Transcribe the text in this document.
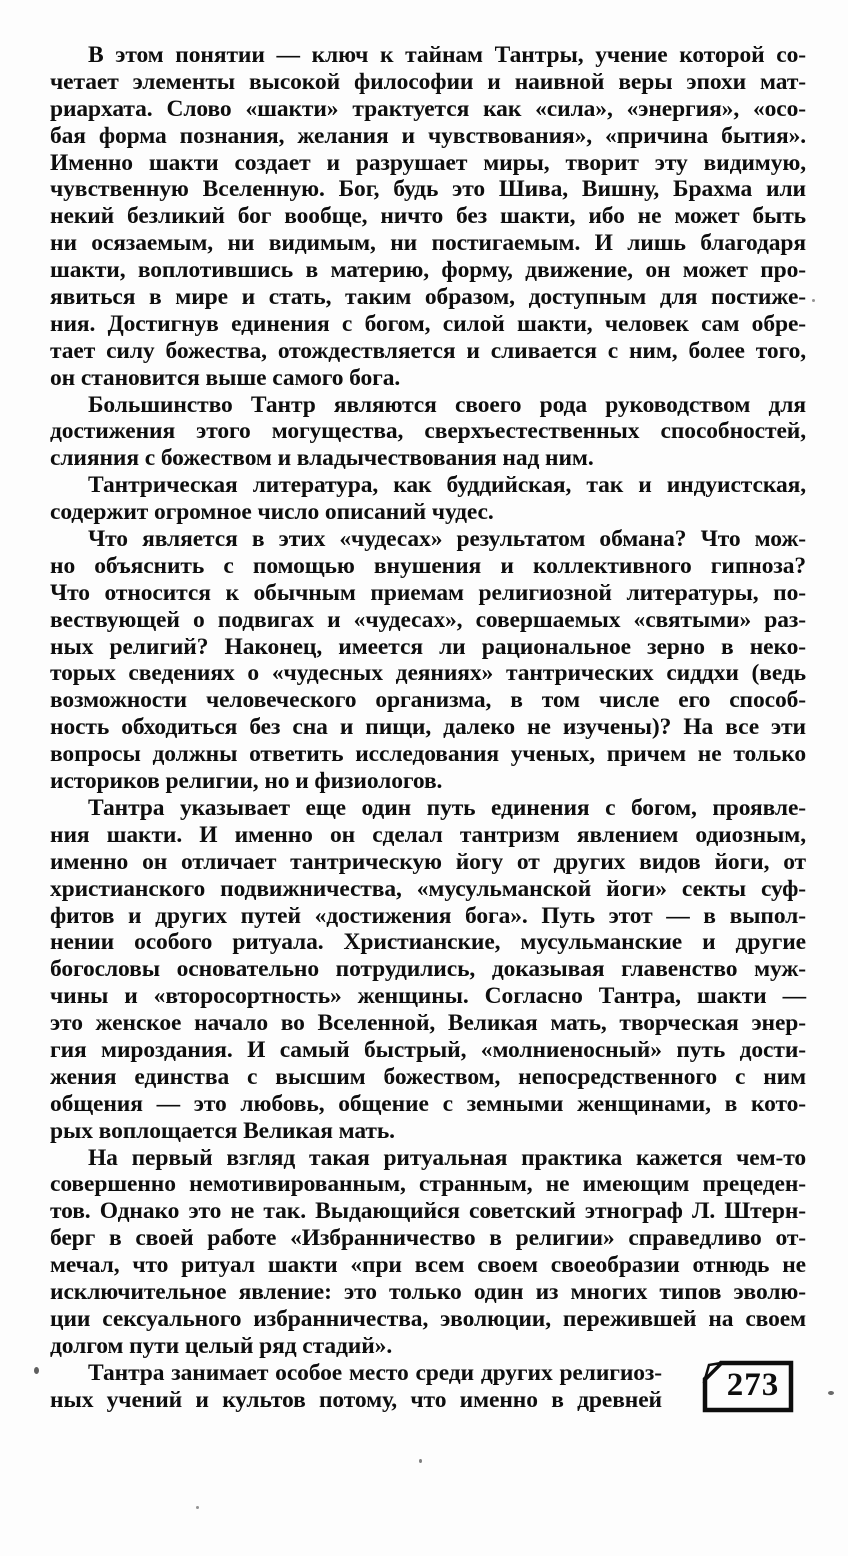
В этом понятии — ключ к тайнам Тантры, учение которой со-
четает элементы высокой философии и наивной веры эпохи мат-
риархата. Слово «шакти» трактуется как «сила», «энергия», «осо-
бая форма познания, желания и чувствования», «причина бытия».
Именно шакти создает и разрушает миры, творит эту видимую,
чувственную Вселенную. Бог, будь это Шива, Вишну, Брахма или
некий безликий бог вообще, ничто без шакти, ибо не может быть
ни осязаемым, ни видимым, ни постигаемым. И лишь благодаря
шакти, воплотившись в материю, форму, движение, он может про-
явиться в мире и стать, таким образом, доступным для постиже-
ния. Достигнув единения с богом, силой шакти, человек сам обре-
тает силу божества, отождествляется и сливается с ним, более того,
он становится выше самого бога.
Большинство Тантр являются своего рода руководством для
достижения этого могущества, сверхъестественных способностей,
слияния с божеством и владычествования над ним.
Тантрическая литература, как буддийская, так и индуистская,
содержит огромное число описаний чудес.
Что является в этих «чудесах» результатом обмана? Что мож-
но объяснить с помощью внушения и коллективного гипноза?
Что относится к обычным приемам религиозной литературы, по-
вествующей о подвигах и «чудесах», совершаемых «святыми» раз-
ных религий? Наконец, имеется ли рациональное зерно в неко-
торых сведениях о «чудесных деяниях» тантрических сиддхи (ведь
возможности человеческого организма, в том числе его способ-
ность обходиться без сна и пищи, далеко не изучены)? На все эти
вопросы должны ответить исследования ученых, причем не только
историков религии, но и физиологов.
Тантра указывает еще один путь единения с богом, проявле-
ния шакти. И именно он сделал тантризм явлением одиозным,
именно он отличает тантрическую йогу от других видов йоги, от
христианского подвижничества, «мусульманской йоги» секты суф-
фитов и других путей «достижения бога». Путь этот — в выпол-
нении особого ритуала. Христианские, мусульманские и другие
богословы основательно потрудились, доказывая главенство муж-
чины и «второсортность» женщины. Согласно Тантра, шакти —
это женское начало во Вселенной, Великая мать, творческая энер-
гия мироздания. И самый быстрый, «молниеносный» путь дости-
жения единства с высшим божеством, непосредственного с ним
общения — это любовь, общение с земными женщинами, в кото-
рых воплощается Великая мать.
На первый взгляд такая ритуальная практика кажется чем-то
совершенно немотивированным, странным, не имеющим прецеден-
тов. Однако это не так. Выдающийся советский этнограф Л. Штерн-
берг в своей работе «Избранничество в религии» справедливо от-
мечал, что ритуал шакти «при всем своем своеобразии отнюдь не
исключительное явление: это только один из многих типов эволю-
ции сексуального избранничества, эволюции, пережившей на своем
долгом пути целый ряд стадий».
Тантра занимает особое место среди других религиоз-
ных учений и культов потому, что именно в древней	273
